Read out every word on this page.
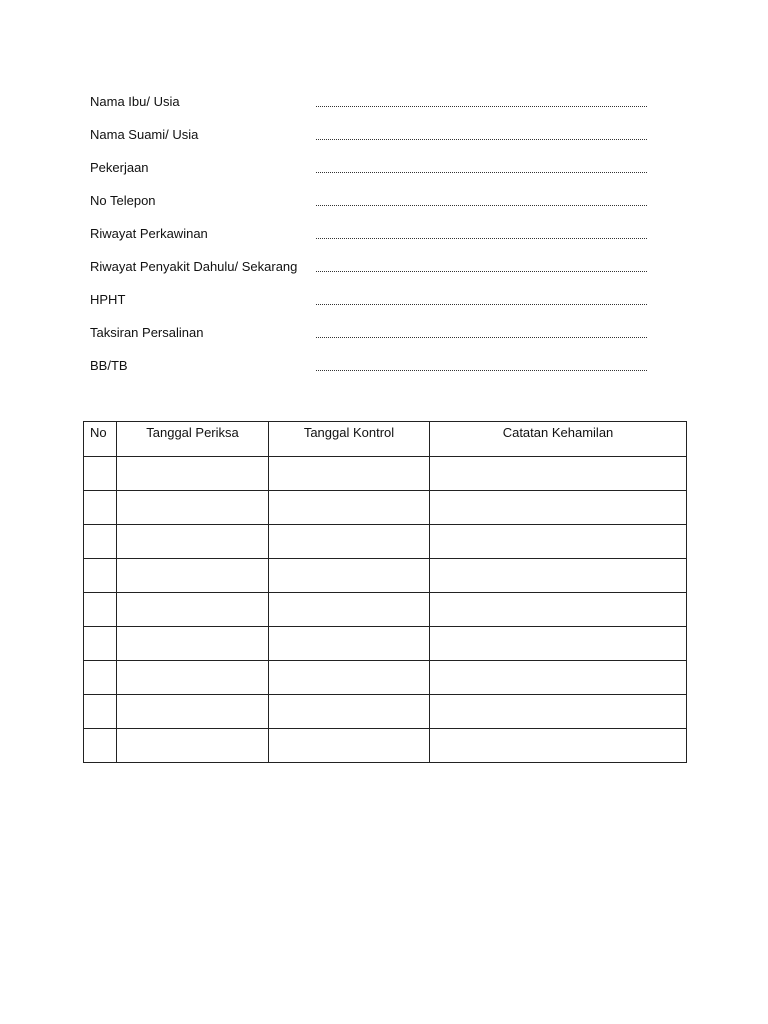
Nama Ibu/ Usia
Nama Suami/ Usia
Pekerjaan
No Telepon
Riwayat Perkawinan
Riwayat Penyakit Dahulu/ Sekarang
HPHT
Taksiran Persalinan
BB/TB
No	Tanggal Periksa	Tanggal Kontrol	Catatan Kehamilan
